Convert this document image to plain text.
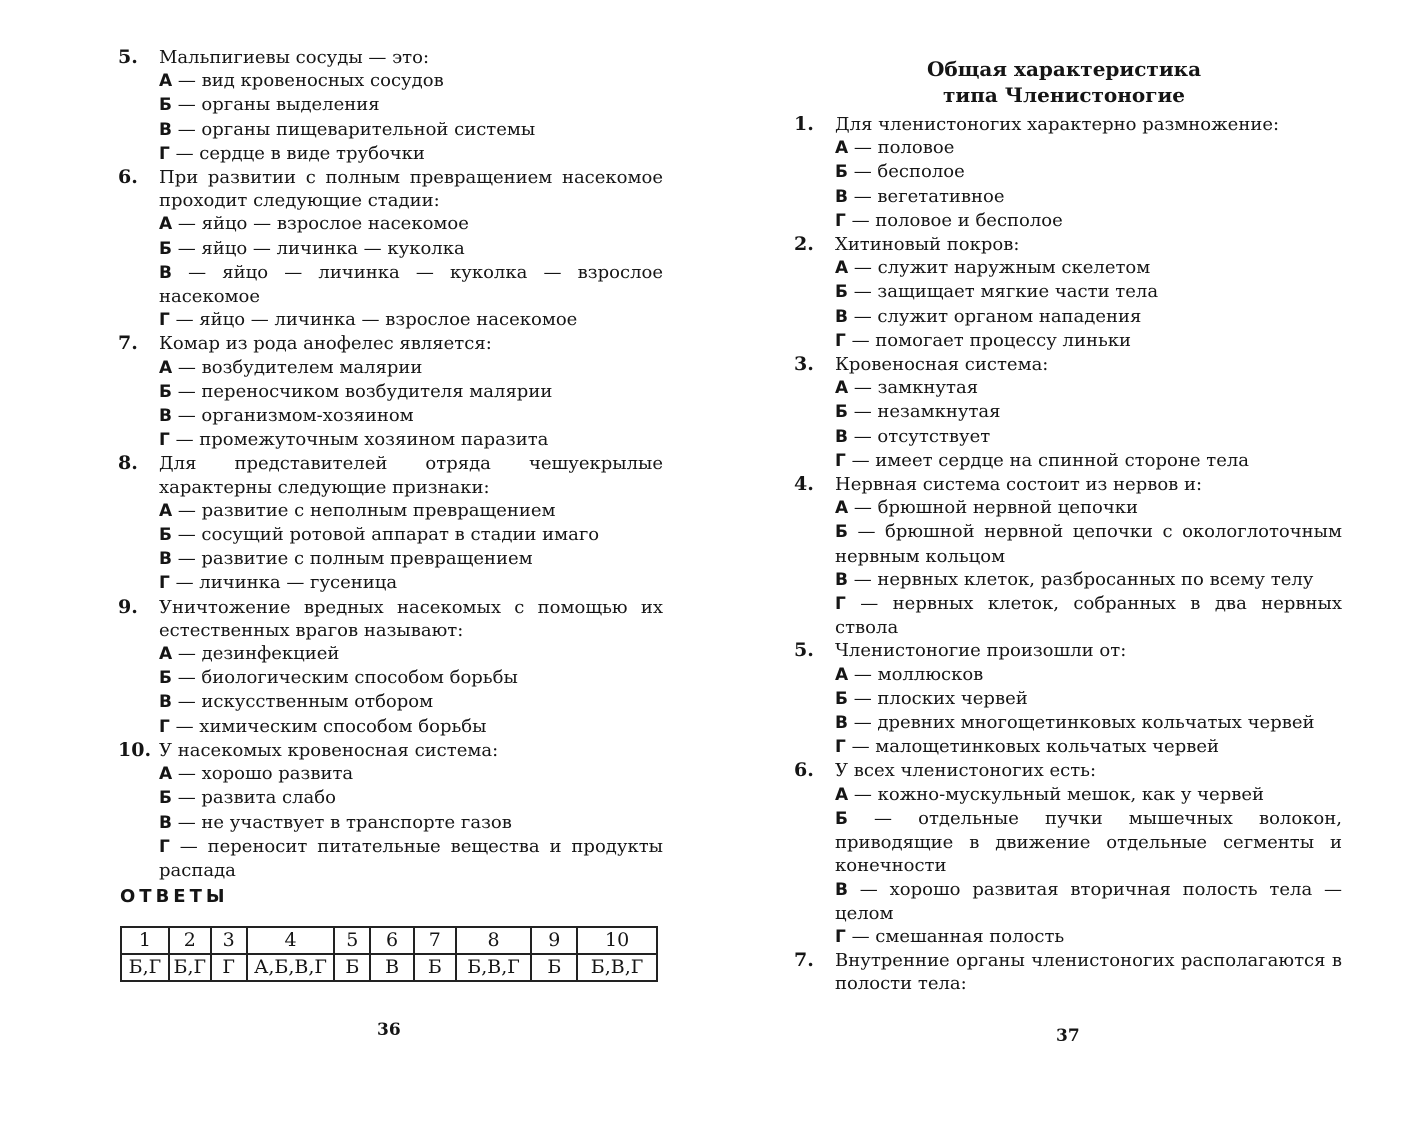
5. Мальпигиевы сосуды — это:
А — вид кровеносных сосудов
Б — органы выделения
В — органы пищеварительной системы
Г — сердце в виде трубочки
6. При развитии с полным превращением насекомое проходит следующие стадии:
А — яйцо — взрослое насекомое
Б — яйцо — личинка — куколка
В — яйцо — личинка — куколка — взрослое насекомое
Г — яйцо — личинка — взрослое насекомое
7. Комар из рода анофелес является:
А — возбудителем малярии
Б — переносчиком возбудителя малярии
В — организмом-хозяином
Г — промежуточным хозяином паразита
8. Для представителей отряда чешуекрылые характерны следующие признаки:
А — развитие с неполным превращением
Б — сосущий ротовой аппарат в стадии имаго
В — развитие с полным превращением
Г — личинка — гусеница
9. Уничтожение вредных насекомых с помощью их естественных врагов называют:
А — дезинфекцией
Б — биологическим способом борьбы
В — искусственным отбором
Г — химическим способом борьбы
10. У насекомых кровеносная система:
А — хорошо развита
Б — развита слабо
В — не участвует в транспорте газов
Г — переносит питательные вещества и продукты распада
ОТВЕТЫ
1	2	3	4	5	6	7	8	9	10
Б,Г	Б,Г	Г	А,Б,В,Г	Б	В	Б	Б,В,Г	Б	Б,В,Г
36
Общая характеристика
типа Членистоногие
1. Для членистоногих характерно размножение:
А — половое
Б — бесполое
В — вегетативное
Г — половое и бесполое
2. Хитиновый покров:
А — служит наружным скелетом
Б — защищает мягкие части тела
В — служит органом нападения
Г — помогает процессу линьки
3. Кровеносная система:
А — замкнутая
Б — незамкнутая
В — отсутствует
Г — имеет сердце на спинной стороне тела
4. Нервная система состоит из нервов и:
А — брюшной нервной цепочки
Б — брюшной нервной цепочки с окологлоточным нервным кольцом
В — нервных клеток, разбросанных по всему телу
Г — нервных клеток, собранных в два нервных ствола
5. Членистоногие произошли от:
А — моллюсков
Б — плоских червей
В — древних многощетинковых кольчатых червей
Г — малощетинковых кольчатых червей
6. У всех членистоногих есть:
А — кожно-мускульный мешок, как у червей
Б — отдельные пучки мышечных волокон, приводящие в движение отдельные сегменты и конечности
В — хорошо развитая вторичная полость тела — целом
Г — смешанная полость
7. Внутренние органы членистоногих располагаются в полости тела:
37
